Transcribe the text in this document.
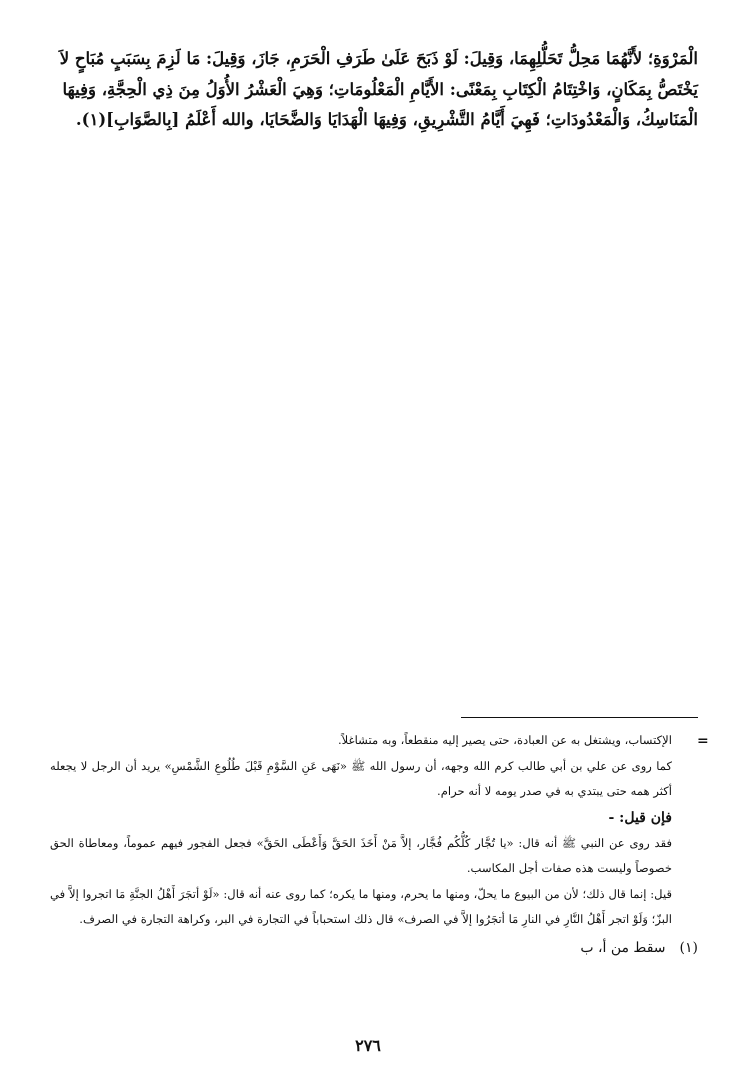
الْمَرْوَةِ؛ لأَنَّهُمَا مَحِلُّ تَحَلُّلِهِمَا، وَقِيلَ: لَوْ ذَبَحَ عَلَىٰ طَرَفِ الْحَرَمِ، جَازَ، وَقِيلَ: مَا لَزِمَ بِسَبَبٍ مُبَاحٍ لاَ

يَخْتَصُّ بِمَكَانٍ، وَاخْتِتَامُ الْكِتَابِ بِمَعْنًى: الأَيَّامِ الْمَعْلُومَاتِ؛ وَهِيَ الْعَشْرُ الأُوَلُ مِنَ ذِي الْحِجَّةِ، وَفِيهَا

الْمَنَاسِكُ، وَالْمَعْدُودَاتِ؛ فَهِيَ أَيَّامُ التَّشْرِيقِ، وَفِيهَا الْهَدَايَا وَالضَّحَايَا، والله أَعْلَمُ [بِالصَّوَابِ](١).

=

الإكتساب، ويشتغل به عن العبادة، حتى يصير إليه منقطعاً، وبه متشاغلاً.

كما روى عن علي بن أبي طالب كرم الله وجهه، أن رسول الله ﷺ «نَهَى عَنِ السَّوْمِ قَبْلَ طُلُوعِ الشَّمْسِ» يريد أن الرجل لا يجعله أكثر همه حتى يبتدي به في صدر يومه لا أنه حرام.

فإن قيل: -

فقد روى عن النبي ﷺ أنه قال: «يا تُجَّار كُلُّكُم فُجَّار، إلاَّ مَنْ أَخَذَ الحَقَّ وَأَعْطَى الحَقَّ» فجعل الفجور فيهم عموماً، ومعاطاة الحق خصوصاً وليست هذه صفات أجل المكاسب.

قيل: إنما قال ذلك؛ لأن من البيوع ما يحلّ، ومنها ما يحرم، ومنها ما يكره؛ كما روى عنه أنه قال: «لَوْ أتجَرَ أَهْلُ الجنَّةِ مَا اتجروا إلاَّ في البزّ؛ وَلَوْ اتجر أَهْلُ النَّارِ في النارِ مَا أتجَرُوا إلاَّ في الصرف» قال ذلك استحباباً في التجارة في البر، وكراهة التجارة في الصرف.

(١)
سقط من أ، ب
٢٧٦
